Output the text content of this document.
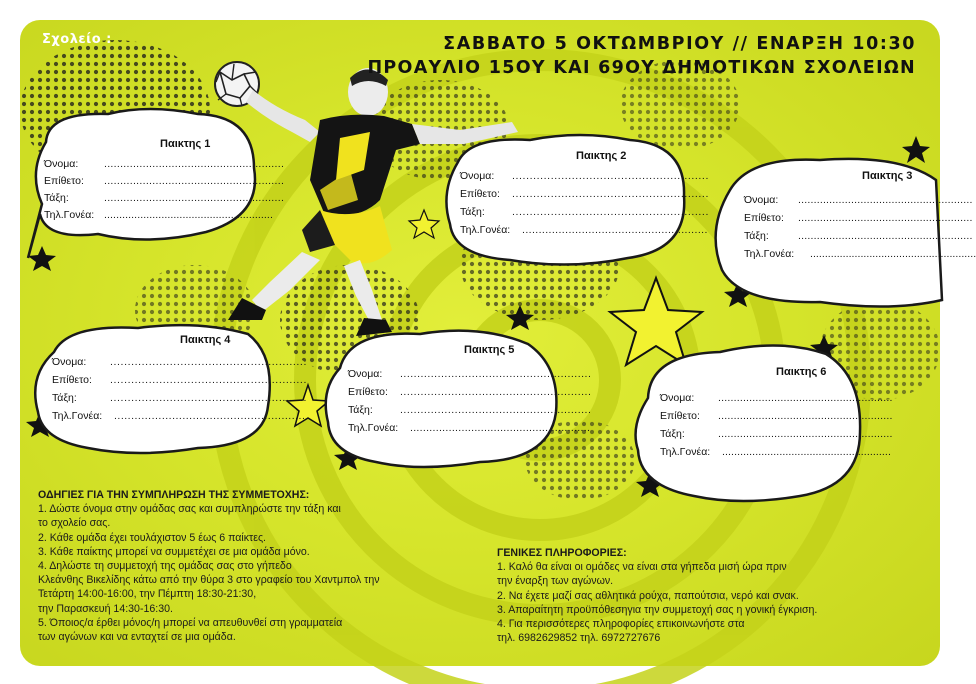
Σχολείο :	ΣΑΒΒΑΤΟ 5 ΟΚΤΩΜΒΡΙΟΥ // ΕΝΑΡΞΗ 10:30
ΠΡΟΑΥΛΙΟ 15ΟΥ ΚΑΙ 69ΟΥ ΔΗΜΟΤΙΚΩΝ ΣΧΟΛΕΙΩΝ
Παικτης 1
Όνομα: ........................................................
Επίθετο: ........................................................
Τάξη:	........................................................
Τηλ.Γονέα: ........................................................
Παικτης 2
Όνομα: ........................................................
Επίθετο: ........................................................
Τάξη:	........................................................
Τηλ.Γονέα: ........................................................
Παικτης 3
Όνομα: ........................................................
Επίθετο: ........................................................
Τάξη:	........................................................
Τηλ.Γονέα: ........................................................
Παικτης 4
Όνομα: ........................................................
Επίθετο: ........................................................
Τάξη:	........................................................
Τηλ.Γονέα: ........................................................
Παικτης 5
Όνομα: ........................................................
Επίθετο: ........................................................
Τάξη:	........................................................
Τηλ.Γονέα: ........................................................
Παικτης 6
Όνομα: ........................................................
Επίθετο: ........................................................
Τάξη:	........................................................
Τηλ.Γονέα: ........................................................
ΟΔΗΓΙΕΣ ΓΙΑ ΤΗΝ ΣΥΜΠΛΗΡΩΣΗ ΤΗΣ ΣΥΜΜΕΤΟΧΗΣ:
1. Δώστε όνομα στην ομάδας σας και συμπληρώστε την τάξη και
το σχολείο σας.
2. Κάθε ομάδα έχει τουλάχιστον 5 έως 6 παίκτες.
3. Κάθε παίκτης μπορεί να συμμετέχει σε μια ομάδα μόνο.
4. Δηλώστε τη συμμετοχή της ομάδας σας στο γήπεδο
Κλεάνθης Βικελίδης κάτω από την θύρα 3 στο γραφείο του Χαντμπολ την
Τετάρτη 14:00-16:00, την Πέμπτη 18:30-21:30,
την Παρασκευή 14:30-16:30.
5. Όποιος/α έρθει μόνος/η μπορεί να απευθυνθεί στη γραμματεία
των αγώνων και να ενταχτεί σε μια ομάδα.
ΓΕΝΙΚΕΣ ΠΛΗΡΟΦΟΡΙΕΣ:
1. Καλό θα είναι οι ομάδες να είναι στα γήπεδα μισή ώρα πριν
την έναρξη των αγώνων.
2. Να έχετε μαζί σας αθλητικά ρούχα, παπούτσια, νερό και σνακ.
3. Απαραίτητη προϋπόθεσηγια την συμμετοχή σας η γονική έγκριση.
4. Για περισσότερες πληροφορίες επικοινωνήστε στα
τηλ. 6982629852 τηλ. 6972727676
